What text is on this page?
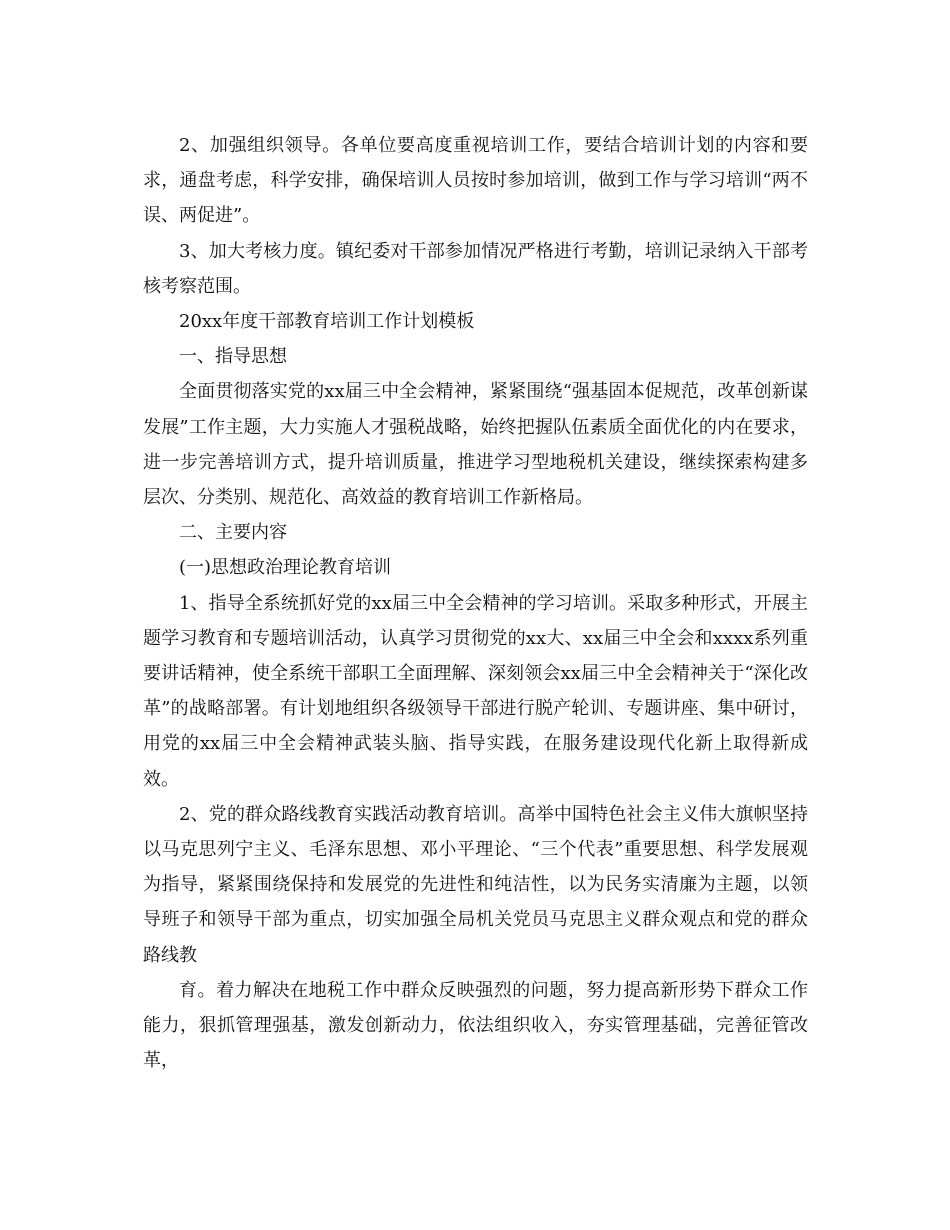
2、加强组织领导。各单位要高度重视培训工作，要结合培训计划的内容和要求，通盘考虑，科学安排，确保培训人员按时参加培训，做到工作与学习培训“两不误、两促进”。

3、加大考核力度。镇纪委对干部参加情况严格进行考勤，培训记录纳入干部考核考察范围。

20xx年度干部教育培训工作计划模板

一、指导思想

全面贯彻落实党的xx届三中全会精神，紧紧围绕“强基固本促规范，改革创新谋发展”工作主题，大力实施人才强税战略，始终把握队伍素质全面优化的内在要求，进一步完善培训方式，提升培训质量，推进学习型地税机关建设，继续探索构建多层次、分类别、规范化、高效益的教育培训工作新格局。

二、主要内容

(一)思想政治理论教育培训

1、指导全系统抓好党的xx届三中全会精神的学习培训。采取多种形式，开展主题学习教育和专题培训活动，认真学习贯彻党的xx大、xx届三中全会和xxxx系列重要讲话精神，使全系统干部职工全面理解、深刻领会xx届三中全会精神关于“深化改革”的战略部署。有计划地组织各级领导干部进行脱产轮训、专题讲座、集中研讨，用党的xx届三中全会精神武装头脑、指导实践，在服务建设现代化新上取得新成效。

2、党的群众路线教育实践活动教育培训。高举中国特色社会主义伟大旗帜坚持以马克思列宁主义、毛泽东思想、邓小平理论、“三个代表”重要思想、科学发展观为指导，紧紧围绕保持和发展党的先进性和纯洁性，以为民务实清廉为主题，以领导班子和领导干部为重点，切实加强全局机关党员马克思主义群众观点和党的群众路线教

育。着力解决在地税工作中群众反映强烈的问题，努力提高新形势下群众工作能力，狠抓管理强基，激发创新动力，依法组织收入，夯实管理基础，完善征管改革，
